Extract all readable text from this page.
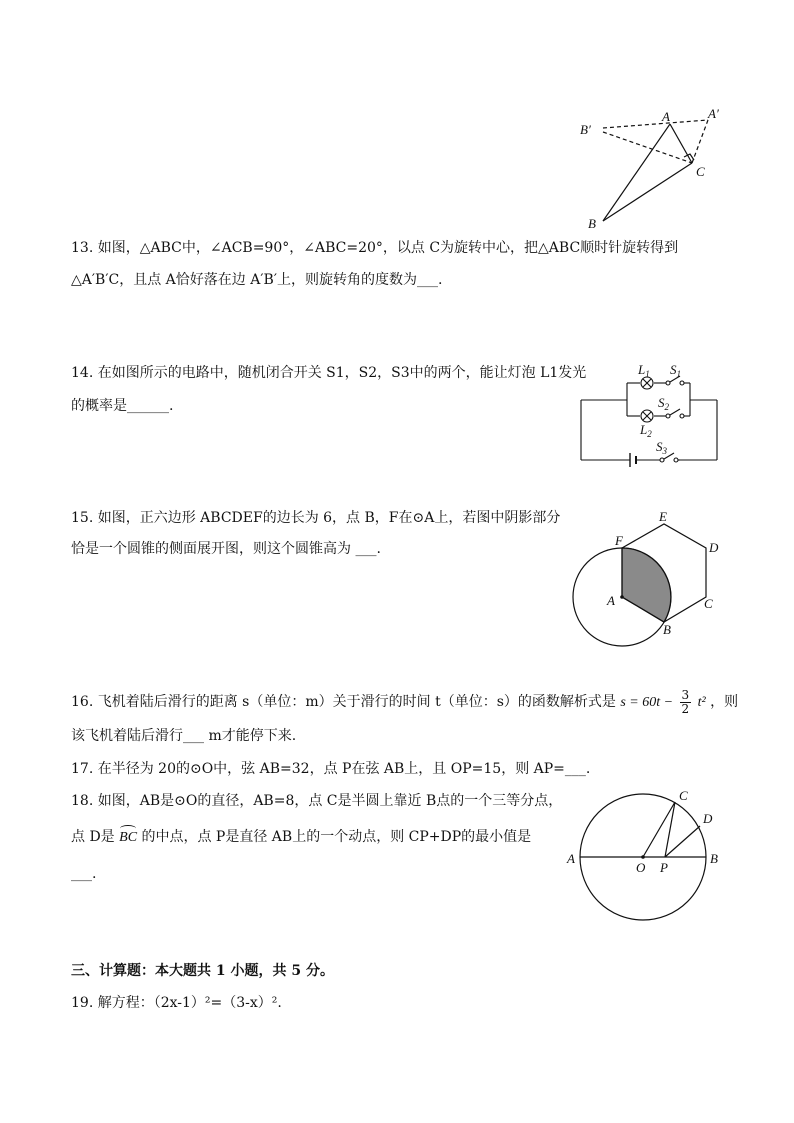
A	A′
B′
B
C
13. 如图，△ABC中，∠ACB=90°，∠ABC=20°，以点 C为旋转中心，把△ABC顺时针旋转得到
△A′B′C，且点 A恰好落在边 A′B′上，则旋转角的度数为___.
$L_1$ $S_1$
$S_2$
$L_2$
$S_3$
14. 在如图所示的电路中，随机闭合开关 S1，S2，S3中的两个，能让灯泡 L1发光
的概率是______.
A
B
C
D
E
F
15. 如图，正六边形 ABCDEF的边长为 6，点 B，F在⊙A上，若图中阴影部分
恰是一个圆锥的侧面展开图，则这个圆锥高为 ___.
16. 飞机着陆后滑行的距离 s（单位：m）关于滑行的时间 t（单位：s）的函数解析式是 $s = 60t - \frac{3}{2} t^2$ ，则
该飞机着陆后滑行___ m才能停下来.
17. 在半径为 20的⊙O中，弦 AB=32，点 P在弦 AB上，且 OP=15，则 AP=___.
A	B
C
D
O P
18. 如图，AB是⊙O的直径，AB=8，点 C是半圆上靠近 B点的一个三等分点，
点 D是 BC 的中点，点 P是直径 AB上的一个动点，则 CP+DP的最小值是
___.
三、计算题：本大题共 1 小题，共 5 分。
19. 解方程：（2x-1）²=（3-x）².
